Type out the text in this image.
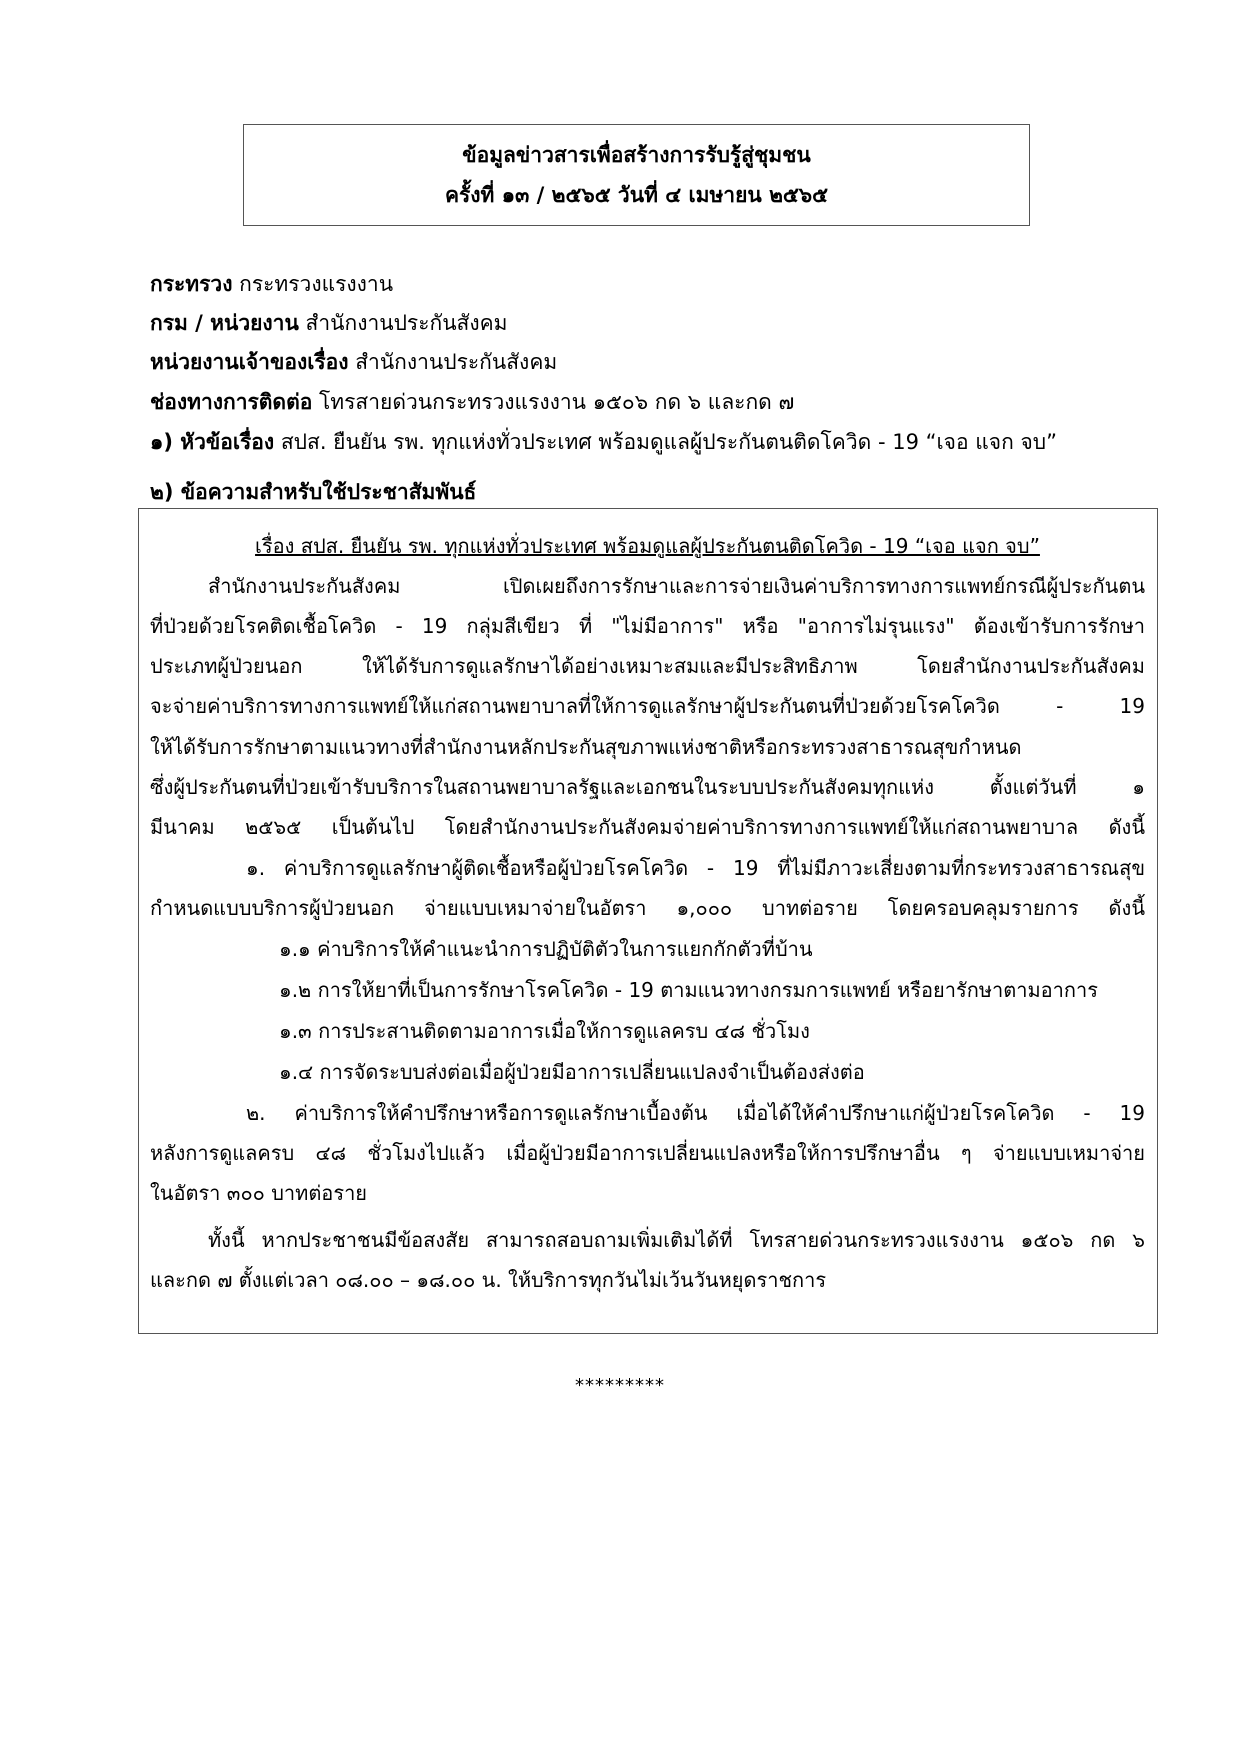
ข้อมูลข่าวสารเพื่อสร้างการรับรู้สู่ชุมชน
ครั้งที่ ๑๓ / ๒๕๖๕ วันที่ ๔ เมษายน ๒๕๖๕
กระทรวง กระทรวงแรงงาน
กรม / หน่วยงาน สำนักงานประกันสังคม
หน่วยงานเจ้าของเรื่อง สำนักงานประกันสังคม
ช่องทางการติดต่อ โทรสายด่วนกระทรวงแรงงาน ๑๕๐๖ กด ๖ และกด ๗
๑) หัวข้อเรื่อง สปส. ยืนยัน รพ. ทุกแห่งทั่วประเทศ พร้อมดูแลผู้ประกันตนติดโควิด - 19 “เจอ แจก จบ”
๒) ข้อความสำหรับใช้ประชาสัมพันธ์
เรื่อง สปส. ยืนยัน รพ. ทุกแห่งทั่วประเทศ พร้อมดูแลผู้ประกันตนติดโควิด - 19 “เจอ แจก จบ”
สำนักงานประกันสังคม เปิดเผยถึงการรักษาและการจ่ายเงินค่าบริการทางการแพทย์กรณีผู้ประกันตน
ที่ป่วยด้วยโรคติดเชื้อโควิด - 19 กลุ่มสีเขียว ที่ "ไม่มีอาการ" หรือ "อาการไม่รุนแรง" ต้องเข้ารับการรักษา
ประเภทผู้ป่วยนอก ให้ได้รับการดูแลรักษาได้อย่างเหมาะสมและมีประสิทธิภาพ โดยสำนักงานประกันสังคม
จะจ่ายค่าบริการทางการแพทย์ให้แก่สถานพยาบาลที่ให้การดูแลรักษาผู้ประกันตนที่ป่วยด้วยโรคโควิด - 19
ให้ได้รับการรักษาตามแนวทางที่สำนักงานหลักประกันสุขภาพแห่งชาติหรือกระทรวงสาธารณสุขกำหนด
ซึ่งผู้ประกันตนที่ป่วยเข้ารับบริการในสถานพยาบาลรัฐและเอกชนในระบบประกันสังคมทุกแห่ง ตั้งแต่วันที่ ๑
มีนาคม ๒๕๖๕ เป็นต้นไป โดยสำนักงานประกันสังคมจ่ายค่าบริการทางการแพทย์ให้แก่สถานพยาบาล ดังนี้
๑. ค่าบริการดูแลรักษาผู้ติดเชื้อหรือผู้ป่วยโรคโควิด - 19 ที่ไม่มีภาวะเสี่ยงตามที่กระทรวงสาธารณสุข
กำหนดแบบบริการผู้ป่วยนอก จ่ายแบบเหมาจ่ายในอัตรา ๑,๐๐๐ บาทต่อราย โดยครอบคลุมรายการ ดังนี้
๑.๑ ค่าบริการให้คำแนะนำการปฏิบัติตัวในการแยกกักตัวที่บ้าน
๑.๒ การให้ยาที่เป็นการรักษาโรคโควิด - 19 ตามแนวทางกรมการแพทย์ หรือยารักษาตามอาการ
๑.๓ การประสานติดตามอาการเมื่อให้การดูแลครบ ๔๘ ชั่วโมง
๑.๔ การจัดระบบส่งต่อเมื่อผู้ป่วยมีอาการเปลี่ยนแปลงจำเป็นต้องส่งต่อ
๒. ค่าบริการให้คำปรึกษาหรือการดูแลรักษาเบื้องต้น เมื่อได้ให้คำปรึกษาแก่ผู้ป่วยโรคโควิด - 19
หลังการดูแลครบ ๔๘ ชั่วโมงไปแล้ว เมื่อผู้ป่วยมีอาการเปลี่ยนแปลงหรือให้การปรึกษาอื่น ๆ จ่ายแบบเหมาจ่าย
ในอัตรา ๓๐๐ บาทต่อราย
ทั้งนี้ หากประชาชนมีข้อสงสัย สามารถสอบถามเพิ่มเติมได้ที่ โทรสายด่วนกระทรวงแรงงาน ๑๕๐๖ กด ๖
และกด ๗ ตั้งแต่เวลา ๐๘.๐๐ – ๑๘.๐๐ น. ให้บริการทุกวันไม่เว้นวันหยุดราชการ
*********
